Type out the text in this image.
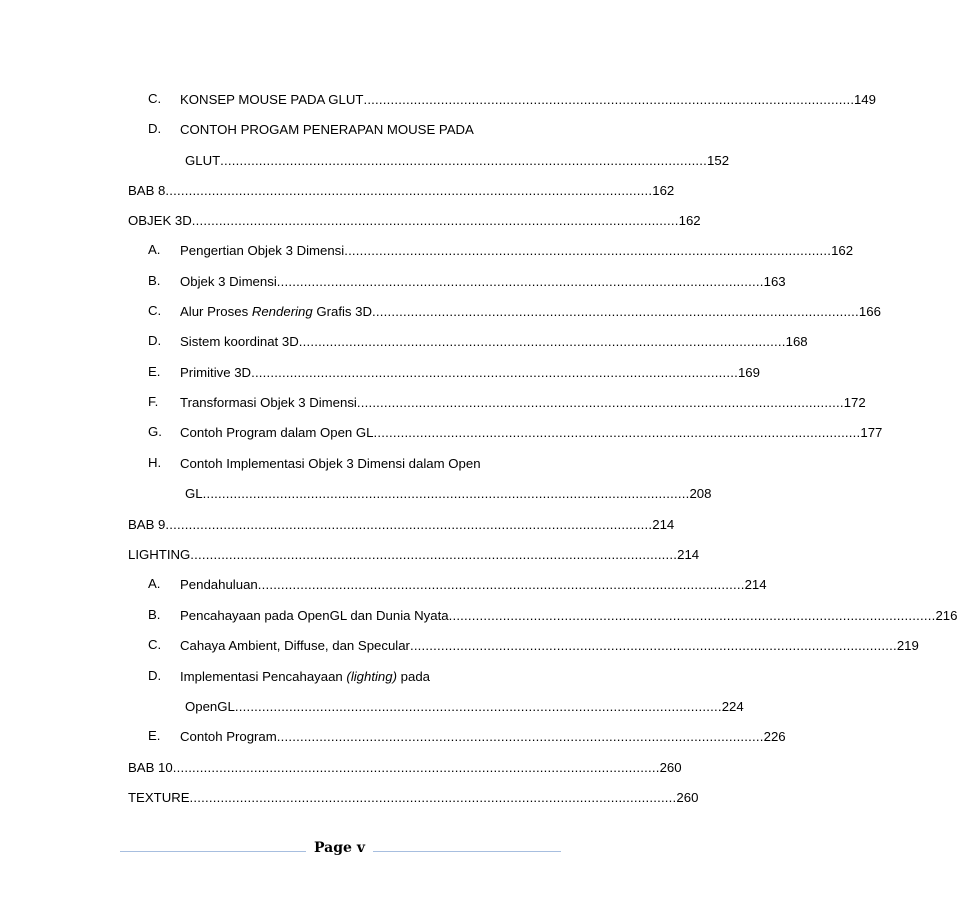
C. KONSEP MOUSE PADA GLUT .............................................................................................................................. .149
D. CONTOH PROGAM PENERAPAN MOUSE PADA
GLUT .............................................................................................................................. 152
BAB 8 .............................................................................................................................. 162
OBJEK 3D .............................................................................................................................. 162
A. Pengertian Objek 3 Dimensi .............................................................................................................................. 162
B. Objek 3 Dimensi .............................................................................................................................. 163
C. Alur Proses Rendering Grafis 3D .............................................................................................................................. 166
D. Sistem koordinat 3D .............................................................................................................................. 168
E. Primitive 3D .............................................................................................................................. 169
F. Transformasi Objek 3 Dimensi .............................................................................................................................. 172
G. Contoh Program dalam Open GL .............................................................................................................................. 177
H. Contoh Implementasi Objek 3 Dimensi dalam Open
GL .............................................................................................................................. 208
BAB 9 .............................................................................................................................. 214
LIGHTING .............................................................................................................................. 214
A. Pendahuluan .............................................................................................................................. 214
B. Pencahayaan pada OpenGL dan Dunia Nyata .............................................................................................................................. 216
C. Cahaya Ambient, Diffuse, dan Specular .............................................................................................................................. 219
D. Implementasi Pencahayaan (lighting) pada
OpenGL .............................................................................................................................. 224
E. Contoh Program .............................................................................................................................. 226
BAB 10 .............................................................................................................................. 260
TEXTURE .............................................................................................................................. 260
Page v
